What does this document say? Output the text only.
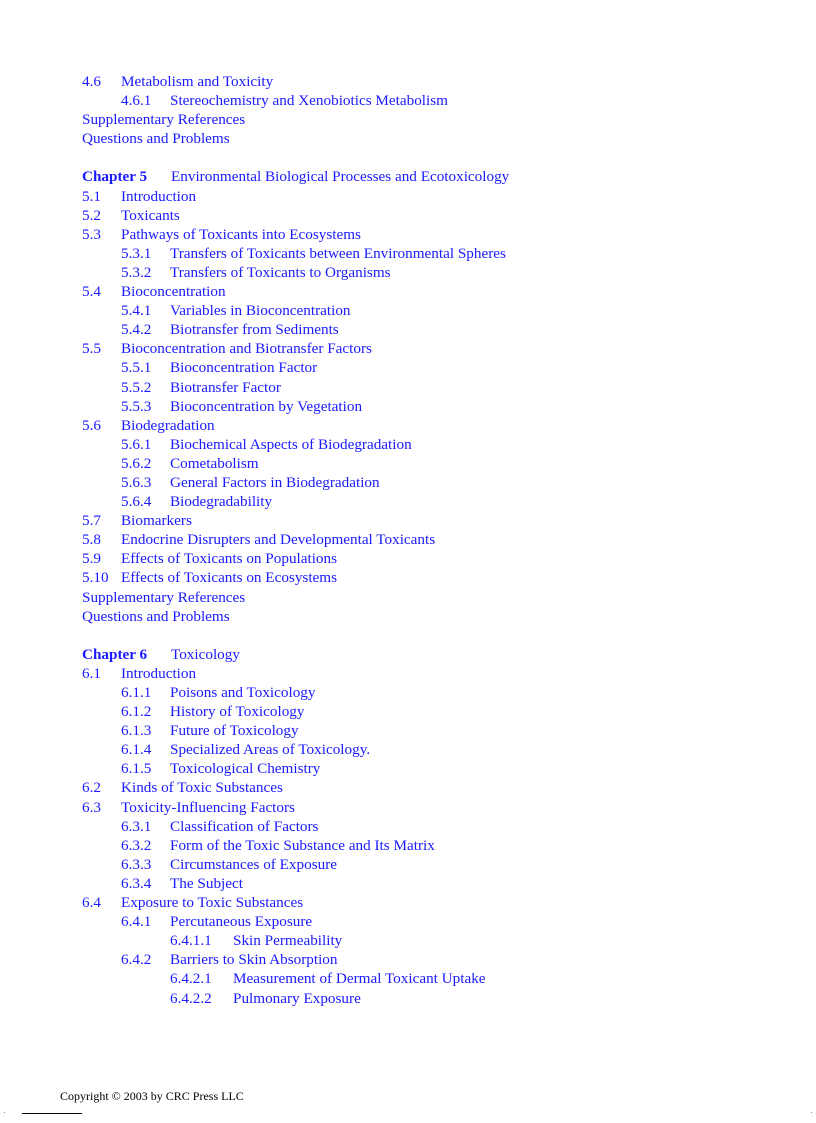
4.6 Metabolism and Toxicity
4.6.1 Stereochemistry and Xenobiotics Metabolism
Supplementary References
Questions and Problems
Chapter 5 Environmental Biological Processes and Ecotoxicology
5.1 Introduction
5.2 Toxicants
5.3 Pathways of Toxicants into Ecosystems
5.3.1 Transfers of Toxicants between Environmental Spheres
5.3.2 Transfers of Toxicants to Organisms
5.4 Bioconcentration
5.4.1 Variables in Bioconcentration
5.4.2 Biotransfer from Sediments
5.5 Bioconcentration and Biotransfer Factors
5.5.1 Bioconcentration Factor
5.5.2 Biotransfer Factor
5.5.3 Bioconcentration by Vegetation
5.6 Biodegradation
5.6.1 Biochemical Aspects of Biodegradation
5.6.2 Cometabolism
5.6.3 General Factors in Biodegradation
5.6.4 Biodegradability
5.7 Biomarkers
5.8 Endocrine Disrupters and Developmental Toxicants
5.9 Effects of Toxicants on Populations
5.10 Effects of Toxicants on Ecosystems
Supplementary References
Questions and Problems
Chapter 6 Toxicology
6.1 Introduction
6.1.1 Poisons and Toxicology
6.1.2 History of Toxicology
6.1.3 Future of Toxicology
6.1.4 Specialized Areas of Toxicology.
6.1.5 Toxicological Chemistry
6.2 Kinds of Toxic Substances
6.3 Toxicity-Influencing Factors
6.3.1 Classification of Factors
6.3.2 Form of the Toxic Substance and Its Matrix
6.3.3 Circumstances of Exposure
6.3.4 The Subject
6.4 Exposure to Toxic Substances
6.4.1 Percutaneous Exposure
6.4.1.1 Skin Permeability
6.4.2 Barriers to Skin Absorption
6.4.2.1 Measurement of Dermal Toxicant Uptake
6.4.2.2 Pulmonary Exposure
Copyright © 2003 by CRC Press LLC
